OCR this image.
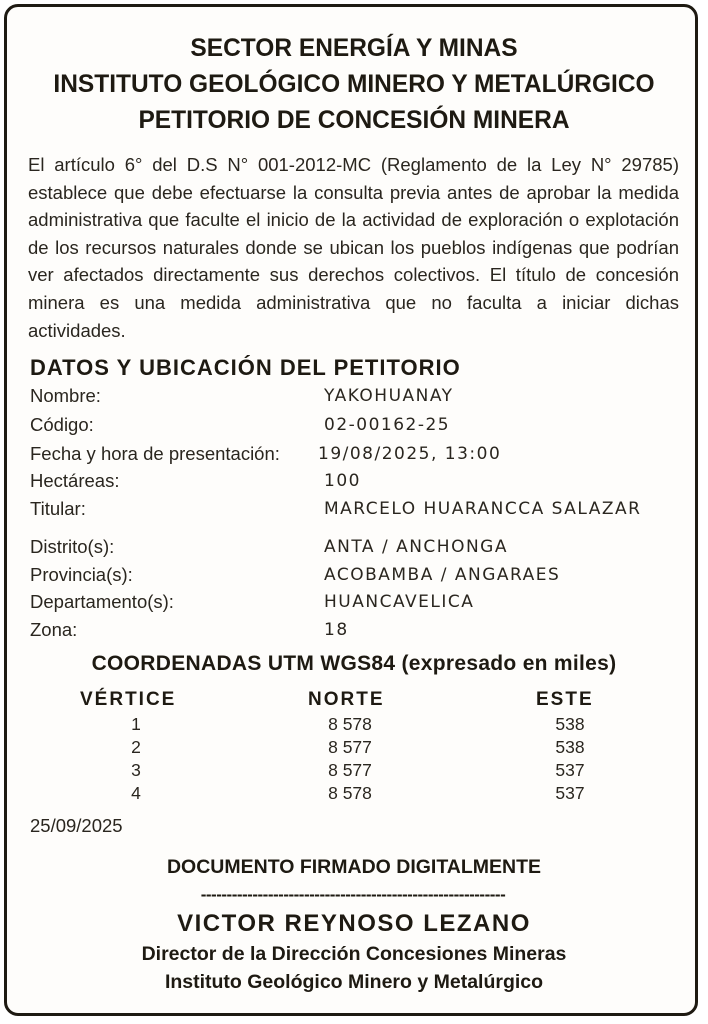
SECTOR ENERGÍA Y MINAS
INSTITUTO GEOLÓGICO MINERO Y METALÚRGICO
PETITORIO DE CONCESIÓN MINERA
El artículo 6° del D.S N° 001-2012-MC (Reglamento de la Ley N° 29785) establece que debe efectuarse la consulta previa antes de aprobar la medida administrativa que faculte el inicio de la actividad de exploración o explotación de los recursos naturales donde se ubican los pueblos indígenas que podrían ver afectados directamente sus derechos colectivos. El título de concesión minera es una medida administrativa que no faculta a iniciar dichas actividades.
DATOS Y UBICACIÓN DEL PETITORIO
Nombre:	YAKOHUANAY
Código:	02-00162-25
Fecha y hora de presentación: 19/08/2025, 13:00
Hectáreas:	100
Titular:	MARCELO HUARANCCA SALAZAR
Distrito(s):	ANTA / ANCHONGA
Provincia(s):	ACOBAMBA / ANGARAES
Departamento(s):	HUANCAVELICA
Zona:	18
COORDENADAS UTM WGS84 (expresado en miles)
VÉRTICE	NORTE	ESTE
1	8 578	538
2	8 577	538
3	8 577	537
4	8 578	537
25/09/2025
DOCUMENTO FIRMADO DIGITALMENTE
-----------------------------------------------------------
VICTOR REYNOSO LEZANO
Director de la Dirección Concesiones Mineras
Instituto Geológico Minero y Metalúrgico
